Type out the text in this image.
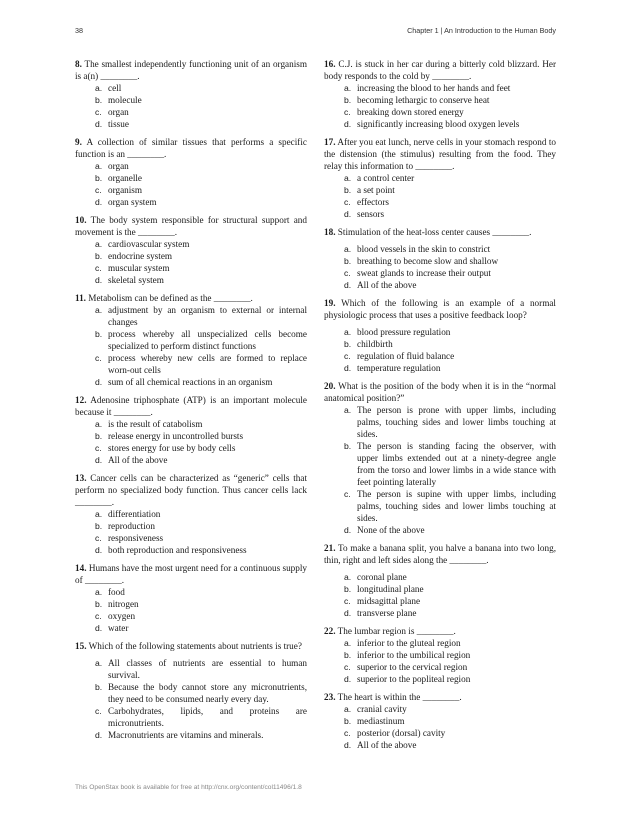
38	Chapter 1 | An Introduction to the Human Body

8. The smallest independently functioning unit of an organism is a(n) ________.

a. cell
b. molecule
c. organ
d. tissue

9. A collection of similar tissues that performs a specific function is an ________.

a. organ
b. organelle
c. organism
d. organ system

10. The body system responsible for structural support and movement is the ________.

a. cardiovascular system
b. endocrine system
c. muscular system
d. skeletal system

11. Metabolism can be defined as the ________.

a. adjustment by an organism to external or internal changes
b. process whereby all unspecialized cells become specialized to perform distinct functions
c. process whereby new cells are formed to replace worn-out cells
d. sum of all chemical reactions in an organism

12. Adenosine triphosphate (ATP) is an important molecule because it ________.

a. is the result of catabolism
b. release energy in uncontrolled bursts
c. stores energy for use by body cells
d. All of the above

13. Cancer cells can be characterized as “generic” cells that perform no specialized body function. Thus cancer cells lack ________.

a. differentiation
b. reproduction
c. responsiveness
d. both reproduction and responsiveness

14. Humans have the most urgent need for a continuous supply of ________.

a. food
b. nitrogen
c. oxygen
d. water

15. Which of the following statements about nutrients is true?

a. All classes of nutrients are essential to human survival.
b. Because the body cannot store any micronutrients, they need to be consumed nearly every day.
c. Carbohydrates, lipids, and proteins are micronutrients.
d. Macronutrients are vitamins and minerals.

16. C.J. is stuck in her car during a bitterly cold blizzard. Her body responds to the cold by ________.

a. increasing the blood to her hands and feet
b. becoming lethargic to conserve heat
c. breaking down stored energy
d. significantly increasing blood oxygen levels

17. After you eat lunch, nerve cells in your stomach respond to the distension (the stimulus) resulting from the food. They relay this information to ________.

a. a control center
b. a set point
c. effectors
d. sensors

18. Stimulation of the heat-loss center causes ________.

a. blood vessels in the skin to constrict
b. breathing to become slow and shallow
c. sweat glands to increase their output
d. All of the above

19. Which of the following is an example of a normal physiologic process that uses a positive feedback loop?

a. blood pressure regulation
b. childbirth
c. regulation of fluid balance
d. temperature regulation

20. What is the position of the body when it is in the “normal anatomical position?”

a. The person is prone with upper limbs, including palms, touching sides and lower limbs touching at sides.
b. The person is standing facing the observer, with upper limbs extended out at a ninety-degree angle from the torso and lower limbs in a wide stance with feet pointing laterally
c. The person is supine with upper limbs, including palms, touching sides and lower limbs touching at sides.
d. None of the above

21. To make a banana split, you halve a banana into two long, thin, right and left sides along the ________.

a. coronal plane
b. longitudinal plane
c. midsagittal plane
d. transverse plane

22. The lumbar region is ________.

a. inferior to the gluteal region
b. inferior to the umbilical region
c. superior to the cervical region
d. superior to the popliteal region

23. The heart is within the ________.

a. cranial cavity
b. mediastinum
c. posterior (dorsal) cavity
d. All of the above
This OpenStax book is available for free at http://cnx.org/content/col11496/1.8
